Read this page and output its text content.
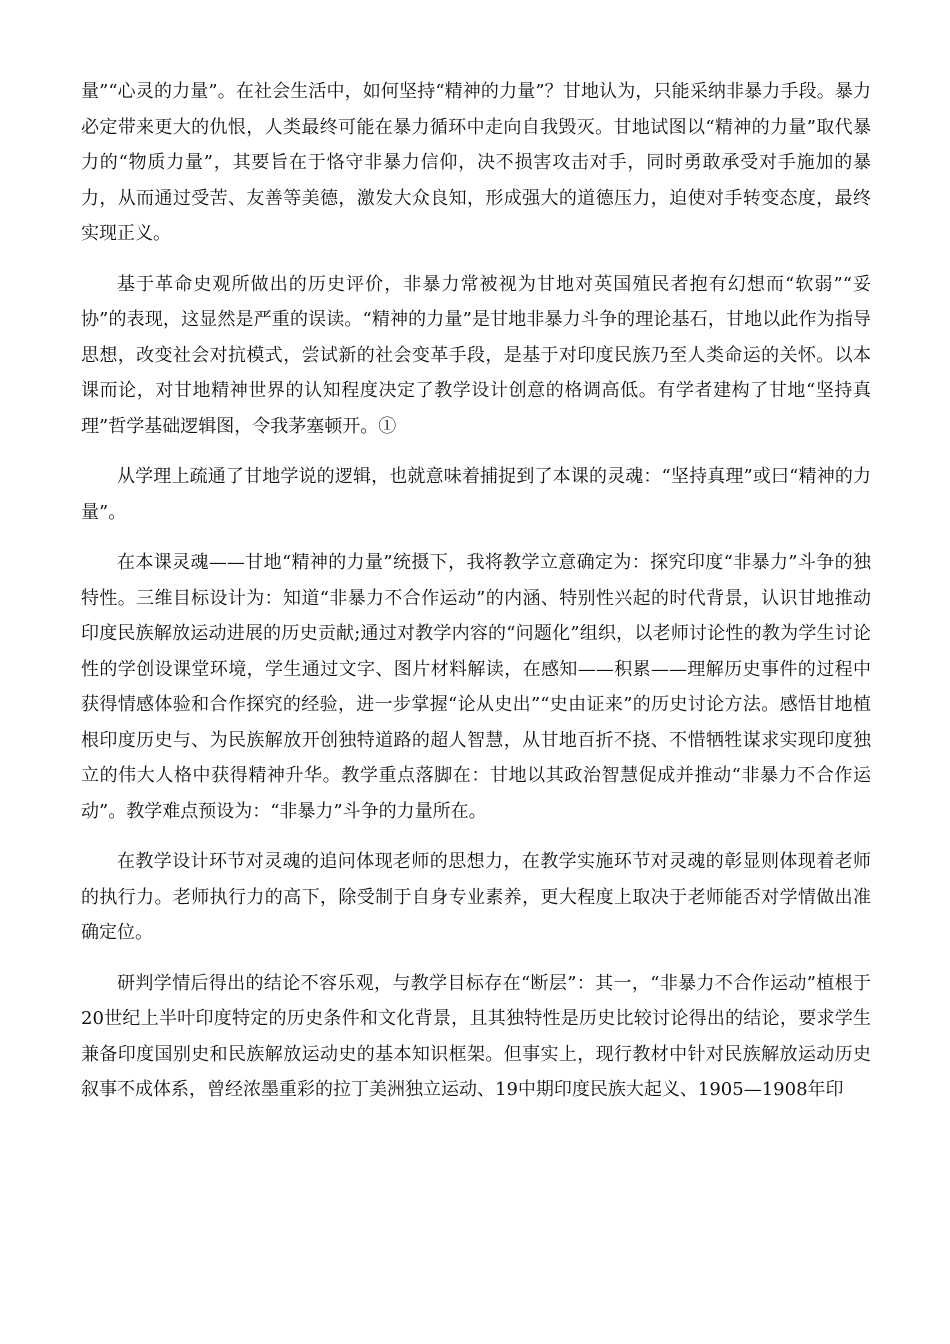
量”“心灵的力量”。在社会生活中，如何坚持“精神的力量”？甘地认为，只能采纳非暴力手段。暴力必定带来更大的仇恨，人类最终可能在暴力循环中走向自我毁灭。甘地试图以“精神的力量”取代暴力的“物质力量”，其要旨在于恪守非暴力信仰，决不损害攻击对手，同时勇敢承受对手施加的暴力，从而通过受苦、友善等美德，激发大众良知，形成强大的道德压力，迫使对手转变态度，最终实现正义。

基于革命史观所做出的历史评价，非暴力常被视为甘地对英国殖民者抱有幻想而“软弱”“妥协”的表现，这显然是严重的误读。“精神的力量”是甘地非暴力斗争的理论基石，甘地以此作为指导思想，改变社会对抗模式，尝试新的社会变革手段，是基于对印度民族乃至人类命运的关怀。以本课而论，对甘地精神世界的认知程度决定了教学设计创意的格调高低。有学者建构了甘地“坚持真理”哲学基础逻辑图，令我茅塞顿开。①

从学理上疏通了甘地学说的逻辑，也就意味着捕捉到了本课的灵魂：“坚持真理”或曰“精神的力量”。

在本课灵魂——甘地“精神的力量”统摄下，我将教学立意确定为：探究印度“非暴力”斗争的独特性。三维目标设计为：知道“非暴力不合作运动”的内涵、特别性兴起的时代背景，认识甘地推动印度民族解放运动进展的历史贡献;通过对教学内容的“问题化”组织，以老师讨论性的教为学生讨论性的学创设课堂环境，学生通过文字、图片材料解读，在感知——积累——理解历史事件的过程中获得情感体验和合作探究的经验，进一步掌握“论从史出”“史由证来”的历史讨论方法。感悟甘地植根印度历史与、为民族解放开创独特道路的超人智慧，从甘地百折不挠、不惜牺牲谋求实现印度独立的伟大人格中获得精神升华。教学重点落脚在：甘地以其政治智慧促成并推动“非暴力不合作运动”。教学难点预设为：“非暴力”斗争的力量所在。

在教学设计环节对灵魂的追问体现老师的思想力，在教学实施环节对灵魂的彰显则体现着老师的执行力。老师执行力的高下，除受制于自身专业素养，更大程度上取决于老师能否对学情做出准确定位。

研判学情后得出的结论不容乐观，与教学目标存在“断层”：其一，“非暴力不合作运动”植根于20世纪上半叶印度特定的历史条件和文化背景，且其独特性是历史比较讨论得出的结论，要求学生兼备印度国别史和民族解放运动史的基本知识框架。但事实上，现行教材中针对民族解放运动历史叙事不成体系，曾经浓墨重彩的拉丁美洲独立运动、19中期印度民族大起义、1905—1908年印
